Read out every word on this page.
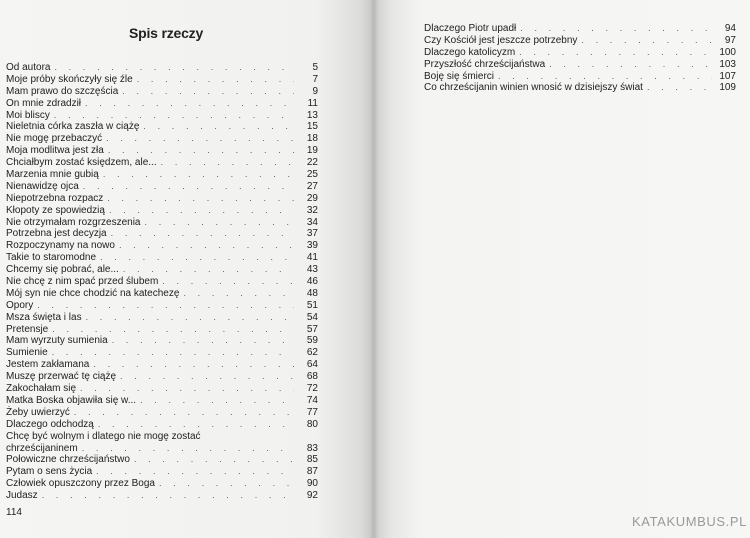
Spis rzeczy
Od autora . . .	5
Moje próby skończyły się źle . . .	7
Mam prawo do szczęścia . . .	9
On mnie zdradził . . .	11
Moi bliscy . . .	13
Nieletnia córka zaszła w ciążę . . .	15
Nie mogę przebaczyć . . .	18
Moja modlitwa jest zła . . .	19
Chciałbym zostać księdzem, ale... . . .	22
Marzenia mnie gubią . . .	25
Nienawidzę ojca . . .	27
Niepotrzebna rozpacz . . .	29
Kłopoty ze spowiedzią . . .	32
Nie otrzymałam rozgrzeszenia . . .	34
Potrzebna jest decyzja . . .	37
Rozpoczynamy na nowo . . .	39
Takie to staromodne . . .	41
Chcemy się pobrać, ale... . . .	43
Nie chcę z nim spać przed ślubem . . .	46
Mój syn nie chce chodzić na katechezę . . .	48
Opory . . .	51
Msza święta i las . . .	54
Pretensje . . .	57
Mam wyrzuty sumienia . . .	59
Sumienie . . .	62
Jestem zakłamana . . .	64
Muszę przerwać tę ciążę . . .	68
Zakochałam się . . .	72
Matka Boska objawiła się w... . . .	74
Żeby uwierzyć . . .	77
Dlaczego odchodzą . . .	80
Chcę być wolnym i dlatego nie mogę zostać
chrześcijaninem . . .	83
Połowiczne chrześcijaństwo . . .	85
Pytam o sens życia . . .	87
Człowiek opuszczony przez Boga . . .	90
Judasz . . .	92
Dlaczego Piotr upadł . . .	94
Czy Kościół jest jeszcze potrzebny . . .	97
Dlaczego katolicyzm . . .	100
Przyszłość chrześcijaństwa . . .	103
Boję się śmierci . . .	107
Co chrześcijanin winien wnosić w dzisiejszy świat . . .	109
114
KATAKUMBUS.PL
